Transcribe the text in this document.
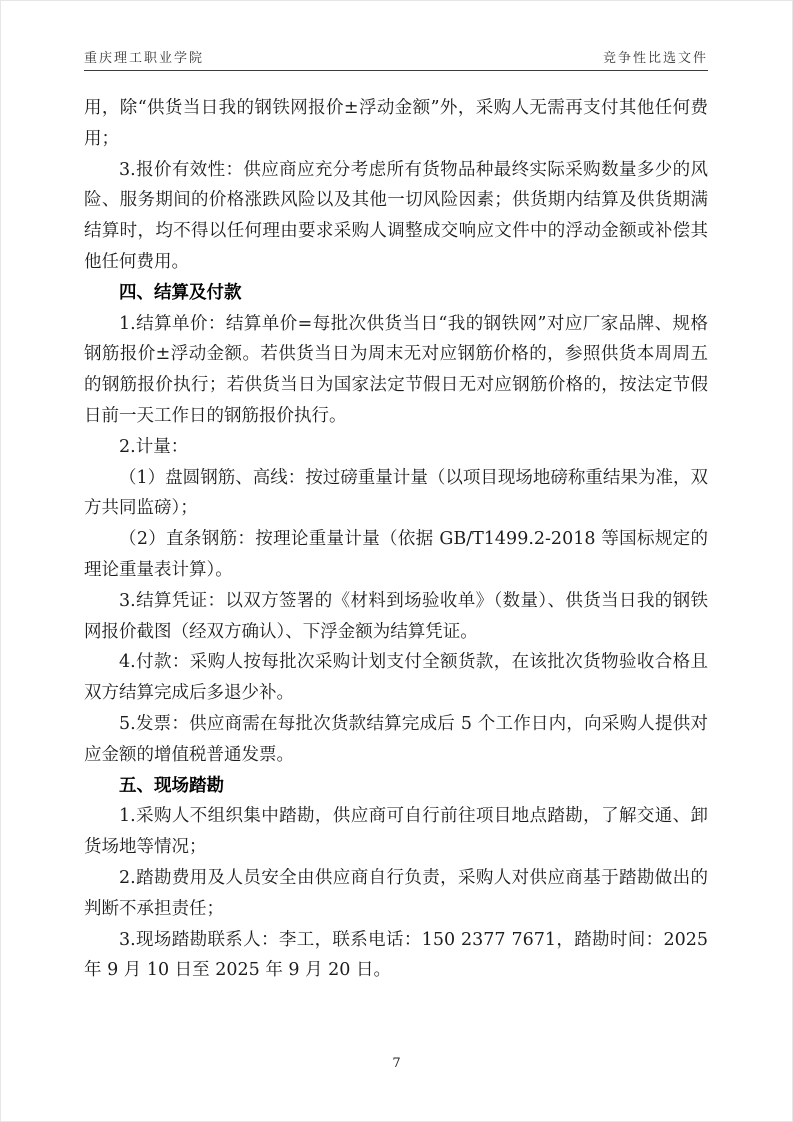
重庆理工职业学院	竞争性比选文件

用，除“供货当日我的钢铁网报价±浮动金额”外，采购人无需再支付其他任何费用；

3.报价有效性：供应商应充分考虑所有货物品种最终实际采购数量多少的风险、服务期间的价格涨跌风险以及其他一切风险因素；供货期内结算及供货期满结算时，均不得以任何理由要求采购人调整成交响应文件中的浮动金额或补偿其他任何费用。

四、结算及付款

1.结算单价：结算单价=每批次供货当日“我的钢铁网”对应厂家品牌、规格钢筋报价±浮动金额。若供货当日为周末无对应钢筋价格的，参照供货本周周五的钢筋报价执行；若供货当日为国家法定节假日无对应钢筋价格的，按法定节假日前一天工作日的钢筋报价执行。

2.计量：

（1）盘圆钢筋、高线：按过磅重量计量（以项目现场地磅称重结果为准，双方共同监磅）；

（2）直条钢筋：按理论重量计量（依据 GB/T1499.2-2018 等国标规定的理论重量表计算）。

3.结算凭证：以双方签署的《材料到场验收单》（数量）、供货当日我的钢铁网报价截图（经双方确认）、下浮金额为结算凭证。

4.付款：采购人按每批次采购计划支付全额货款，在该批次货物验收合格且双方结算完成后多退少补。

5.发票：供应商需在每批次货款结算完成后 5 个工作日内，向采购人提供对应金额的增值税普通发票。

五、现场踏勘

1.采购人不组织集中踏勘，供应商可自行前往项目地点踏勘，了解交通、卸货场地等情况；

2.踏勘费用及人员安全由供应商自行负责，采购人对供应商基于踏勘做出的判断不承担责任；

3.现场踏勘联系人：李工，联系电话：150 2377 7671，踏勘时间：2025 年 9 月 10 日至 2025 年 9 月 20 日。

7
